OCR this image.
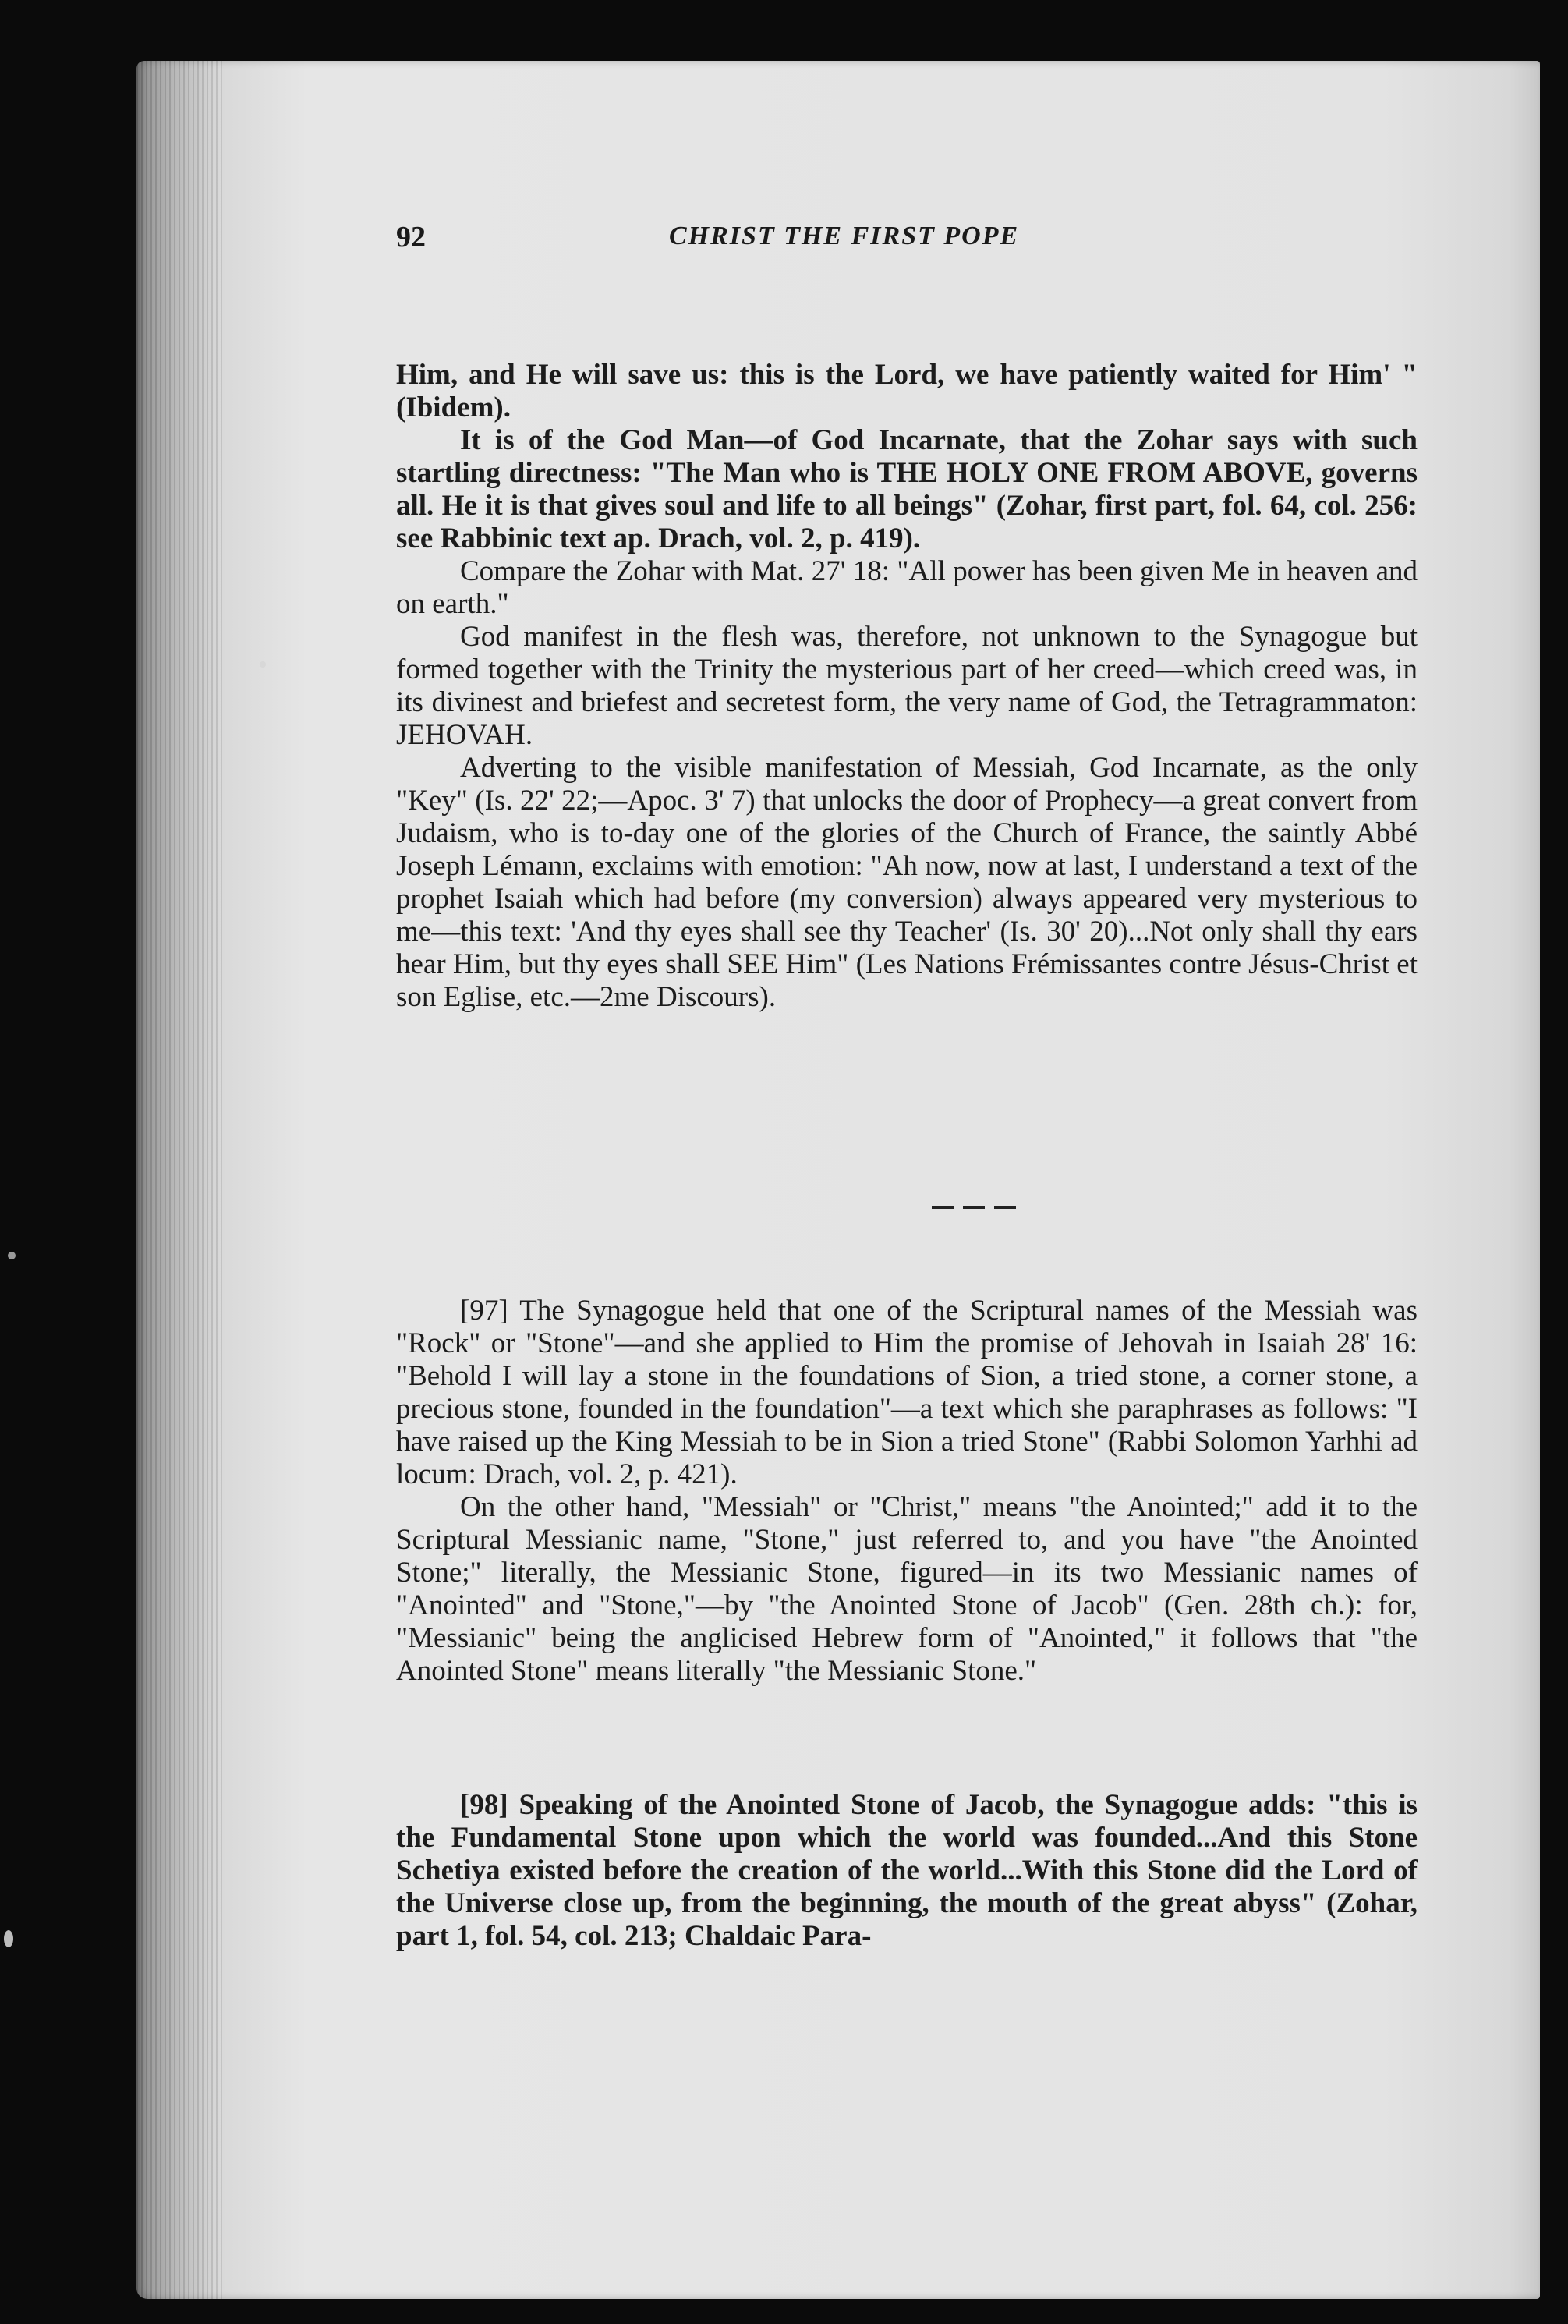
92	CHRIST THE FIRST POPE

Him, and He will save us: this is the Lord, we have patiently waited for Him' " (Ibidem).

It is of the God Man—of God Incarnate, that the Zohar says with such startling directness: "The Man who is THE HOLY ONE FROM ABOVE, governs all. He it is that gives soul and life to all beings" (Zohar, first part, fol. 64, col. 256: see Rabbinic text ap. Drach, vol. 2, p. 419).

Compare the Zohar with Mat. 27' 18: "All power has been given Me in heaven and on earth."

God manifest in the flesh was, therefore, not unknown to the Synagogue but formed together with the Trinity the mysterious part of her creed—which creed was, in its divinest and briefest and secretest form, the very name of God, the Tetragrammaton: JEHOVAH.

Adverting to the visible manifestation of Messiah, God Incarnate, as the only "Key" (Is. 22' 22;—Apoc. 3' 7) that unlocks the door of Prophecy—a great convert from Judaism, who is to-day one of the glories of the Church of France, the saintly Abbé Joseph Lémann, exclaims with emotion: "Ah now, now at last, I understand a text of the prophet Isaiah which had before (my conversion) always appeared very mysterious to me—this text: 'And thy eyes shall see thy Teacher' (Is. 30' 20)...Not only shall thy ears hear Him, but thy eyes shall SEE Him" (Les Nations Frémissantes contre Jésus-Christ et son Eglise, etc.—2me Discours).

[97] The Synagogue held that one of the Scriptural names of the Messiah was "Rock" or "Stone"—and she applied to Him the promise of Jehovah in Isaiah 28' 16: "Behold I will lay a stone in the foundations of Sion, a tried stone, a corner stone, a precious stone, founded in the foundation"—a text which she paraphrases as follows: "I have raised up the King Messiah to be in Sion a tried Stone" (Rabbi Solomon Yarhhi ad locum: Drach, vol. 2, p. 421).

On the other hand, "Messiah" or "Christ," means "the Anointed;" add it to the Scriptural Messianic name, "Stone," just referred to, and you have "the Anointed Stone;" literally, the Messianic Stone, figured—in its two Messianic names of "Anointed" and "Stone,"—by "the Anointed Stone of Jacob" (Gen. 28th ch.): for, "Messianic" being the anglicised Hebrew form of "Anointed," it follows that "the Anointed Stone" means literally "the Messianic Stone."

[98] Speaking of the Anointed Stone of Jacob, the Synagogue adds: "this is the Fundamental Stone upon which the world was founded...And this Stone Schetiya existed before the creation of the world...With this Stone did the Lord of the Universe close up, from the beginning, the mouth of the great abyss" (Zohar, part 1, fol. 54, col. 213; Chaldaic Para-
